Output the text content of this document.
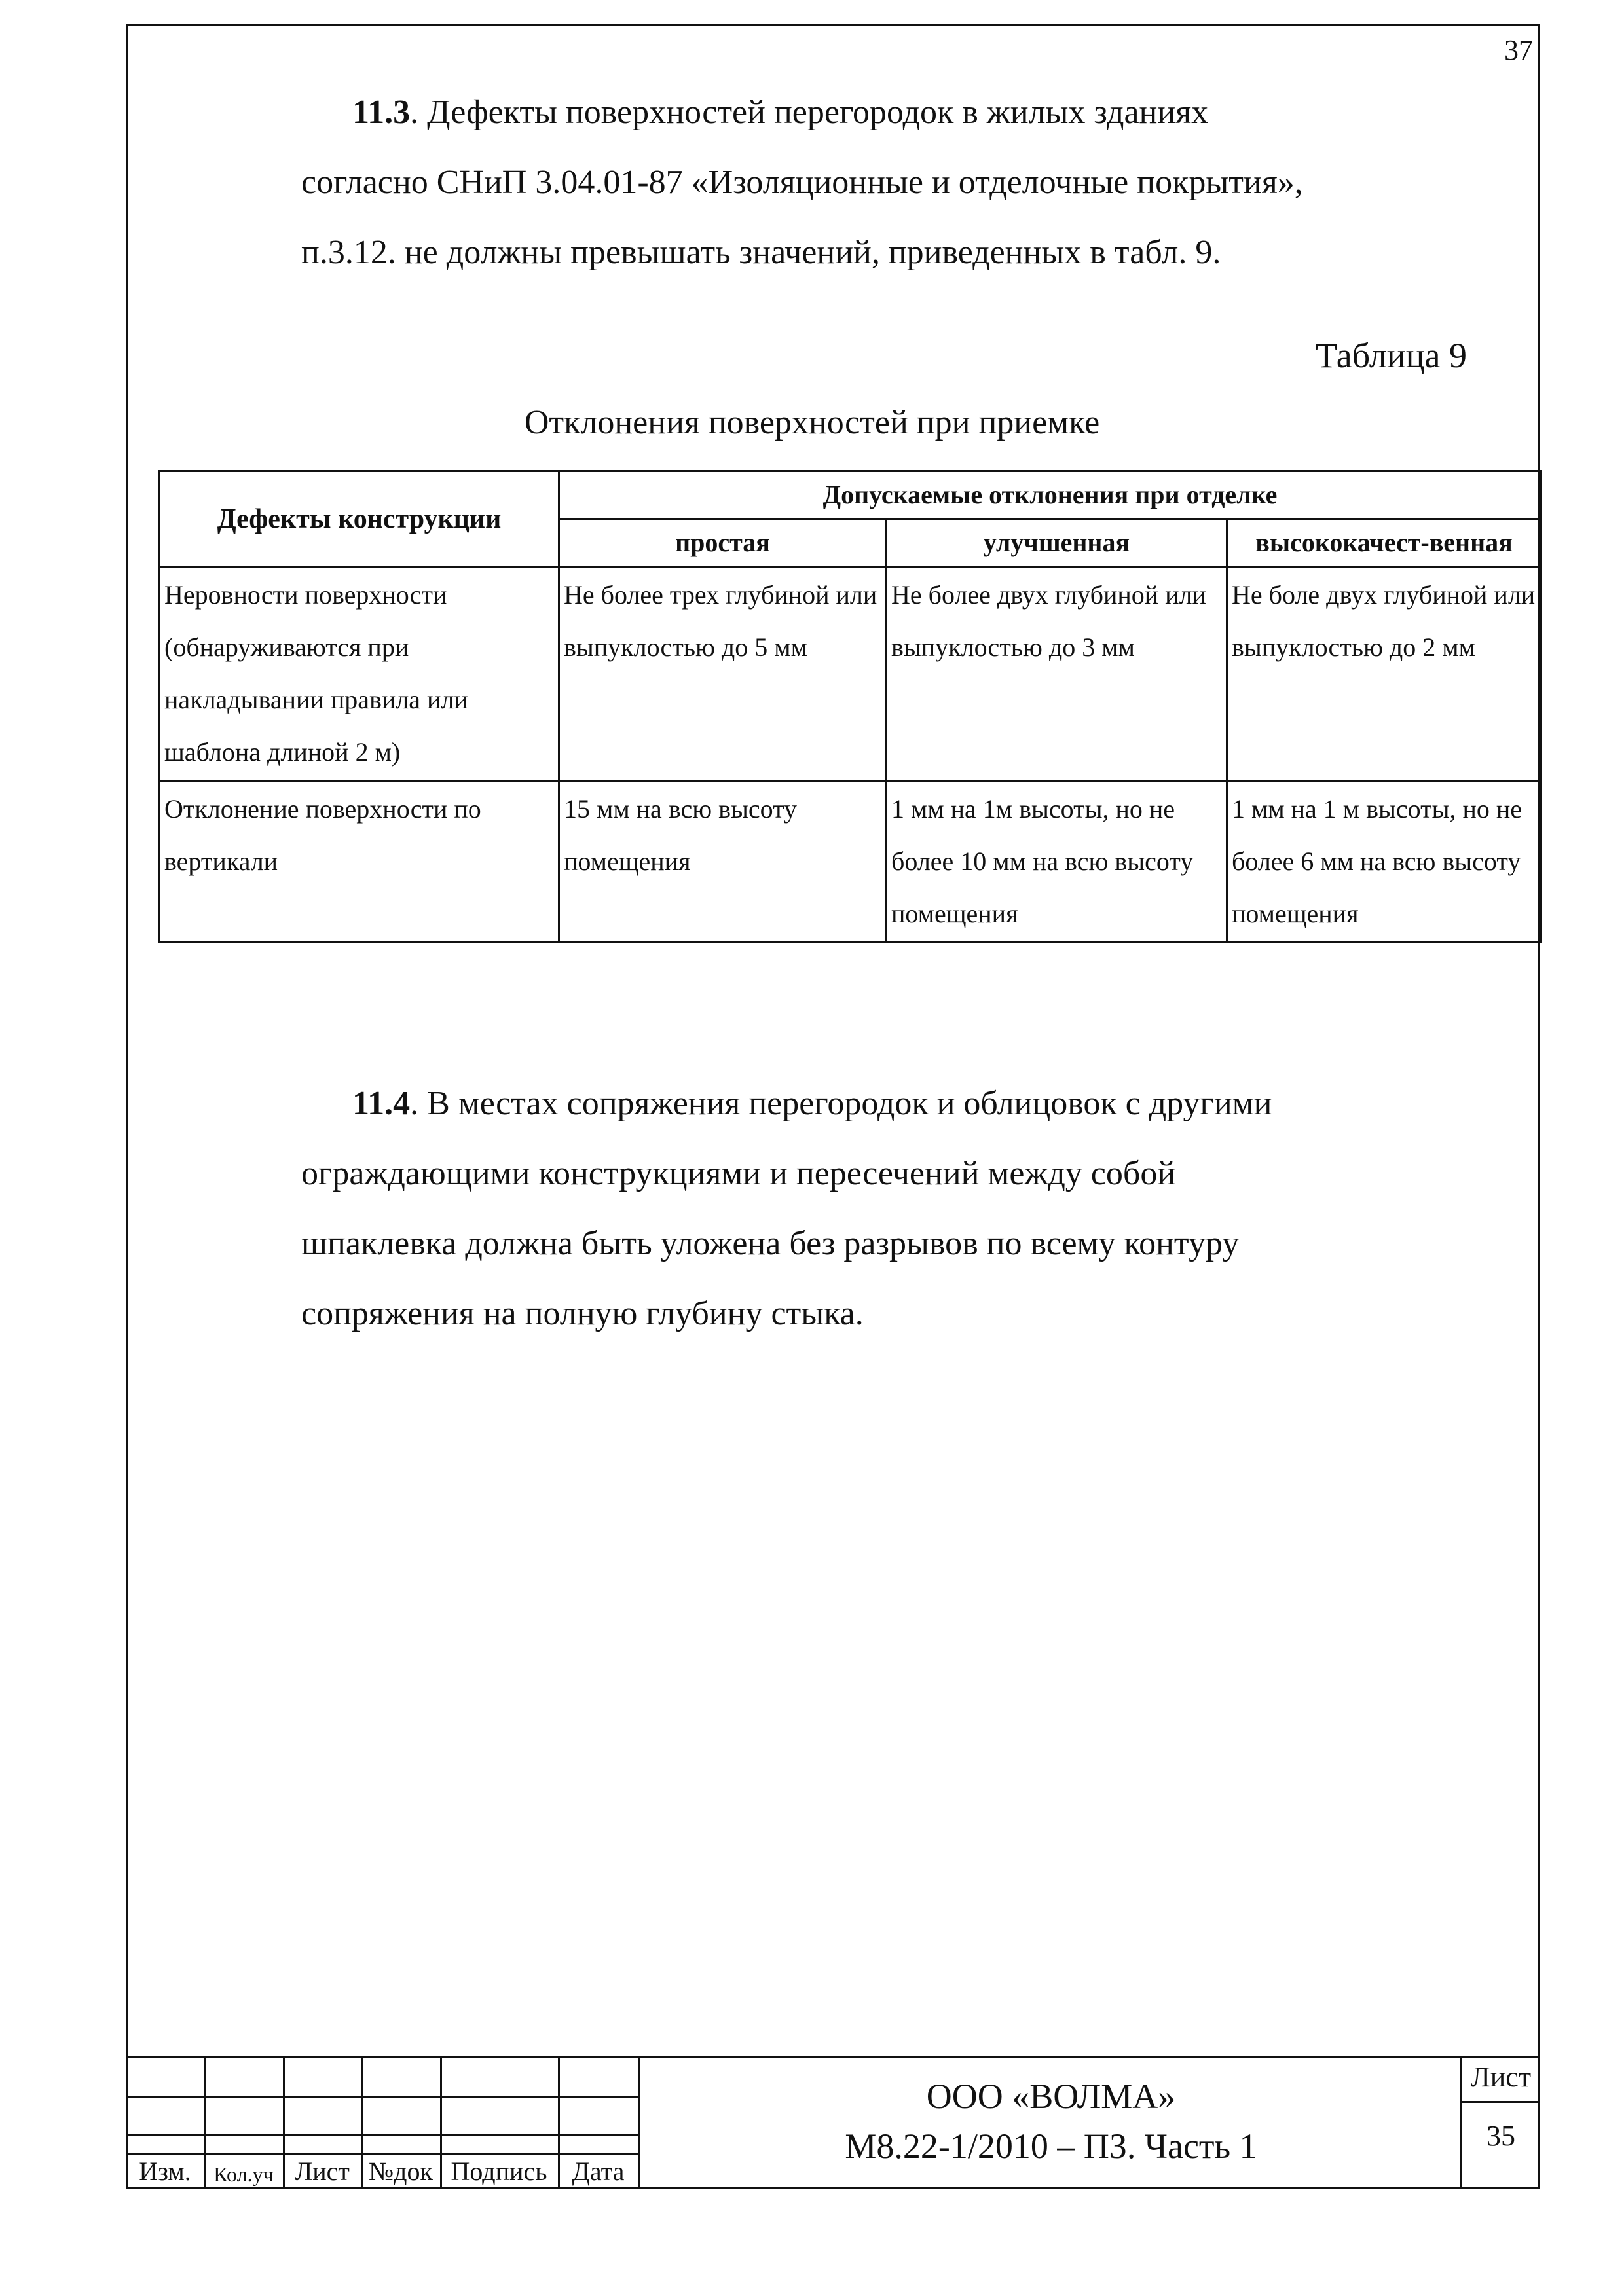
37

11.3. Дефекты поверхностей перегородок в жилых зданиях
согласно СНиП 3.04.01-87 «Изоляционные и отделочные покрытия»,
п.3.12. не должны превышать значений, приведенных в табл. 9.

Таблица 9
Отклонения поверхностей при приемке
Дефекты конструкции	Допускаемые отклонения при отделке		
	простая	улучшенная	высококачест-венная
Неровности поверхности (обнаруживаются при накладывании правила или шаблона длиной 2 м)	Не более трех глубиной или выпуклостью до 5 мм	Не более двух глубиной или выпуклостью до 3 мм	Не боле двух глубиной или выпуклостью до 2 мм
Отклонение поверхности по вертикали	15 мм на всю высоту помещения	1 мм на 1м высоты, но не более 10 мм на всю высоту помещения	1 мм на 1 м высоты, но не более 6 мм на всю высоту помещения

11.4. В местах сопряжения перегородок и облицовок с другими
ограждающими конструкциями и пересечений между собой
шпаклевка должна быть уложена без разрывов по всему контуру
сопряжения на полную глубину стыка.

Изм.	Кол.уч Лист №док Подпись Дата
ООО «ВОЛМА»
М8.22-1/2010 – ПЗ. Часть 1
Лист
35
